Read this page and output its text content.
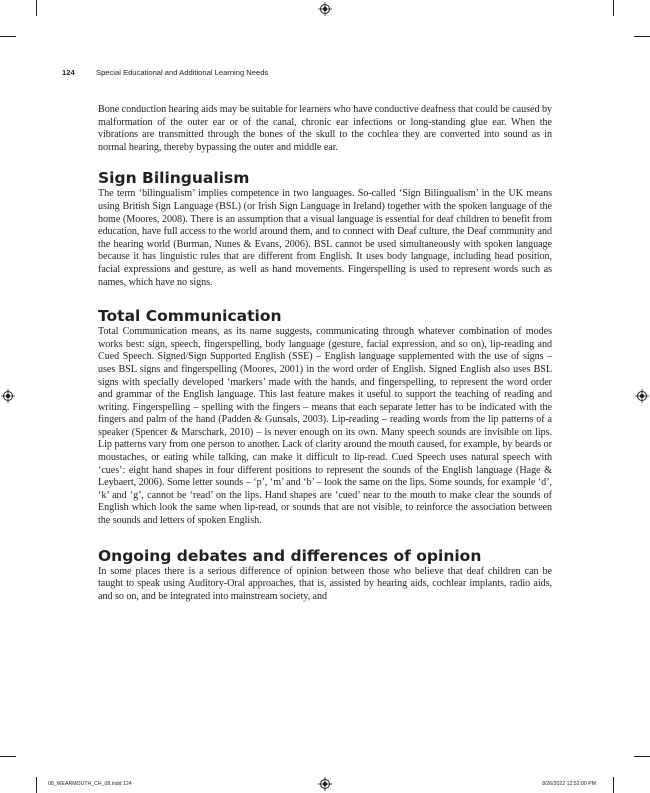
124	Special Educational and Additional Learning Needs

Bone conduction hearing aids may be suitable for learners who have conductive deafness that could be caused by malformation of the outer ear or of the canal, chronic ear infections or long-standing glue ear. When the vibrations are transmitted through the bones of the skull to the cochlea they are converted into sound as in normal hearing, thereby bypassing the outer and middle ear.

Sign Bilingualism

The term ‘bilingualism’ implies competence in two languages. So-called ‘Sign Bilingualism’ in the UK means using British Sign Language (BSL) (or Irish Sign Language in Ireland) together with the spoken language of the home (Moores, 2008). There is an assumption that a visual language is essential for deaf children to benefit from education, have full access to the world around them, and to connect with Deaf culture, the Deaf community and the hearing world (Burman, Nunes & Evans, 2006). BSL cannot be used simultaneously with spoken language because it has linguistic rules that are different from English. It uses body language, including head position, facial expressions and gesture, as well as hand movements. Fingerspelling is used to represent words such as names, which have no signs.

Total Communication

Total Communication means, as its name suggests, communicating through whatever combination of modes works best: sign, speech, fingerspelling, body language (gesture, facial expression, and so on), lip-reading and Cued Speech. Signed/Sign Supported English (SSE) – English language supplemented with the use of signs – uses BSL signs and fingerspelling (Moores, 2001) in the word order of English. Signed English also uses BSL signs with specially developed ‘markers’ made with the hands, and fingerspelling, to represent the word order and grammar of the English language. This last feature makes it useful to support the teaching of reading and writing. Fingerspelling – spelling with the fingers – means that each separate letter has to be indicated with the fingers and palm of the hand (Padden & Gunsals, 2003). Lip-reading – reading words from the lip patterns of a speaker (Spencer & Marschark, 2010) – is never enough on its own. Many speech sounds are invisible on lips. Lip patterns vary from one person to another. Lack of clarity around the mouth caused, for example, by beards or moustaches, or eating while talking, can make it difficult to lip-read. Cued Speech uses natural speech with ‘cues’: eight hand shapes in four different positions to represent the sounds of the English language (Hage & Leybaert, 2006). Some letter sounds – ‘p’, ‘m’ and ‘b’ – look the same on the lips. Some sounds, for example ‘d’, ‘k’ and ‘g’, cannot be ‘read’ on the lips. Hand shapes are ‘cued’ near to the mouth to make clear the sounds of English which look the same when lip-read, or sounds that are not visible, to reinforce the association between the sounds and letters of spoken English.

Ongoing debates and differences of opinion

In some places there is a serious difference of opinion between those who believe that deaf children can be taught to speak using Auditory-Oral approaches, that is, assisted by hearing aids, cochlear implants, radio aids, and so on, and be integrated into mainstream society, and

08_WEARMOUTH_CH_08.indd 124	8/26/2022 12:52:00 PM
